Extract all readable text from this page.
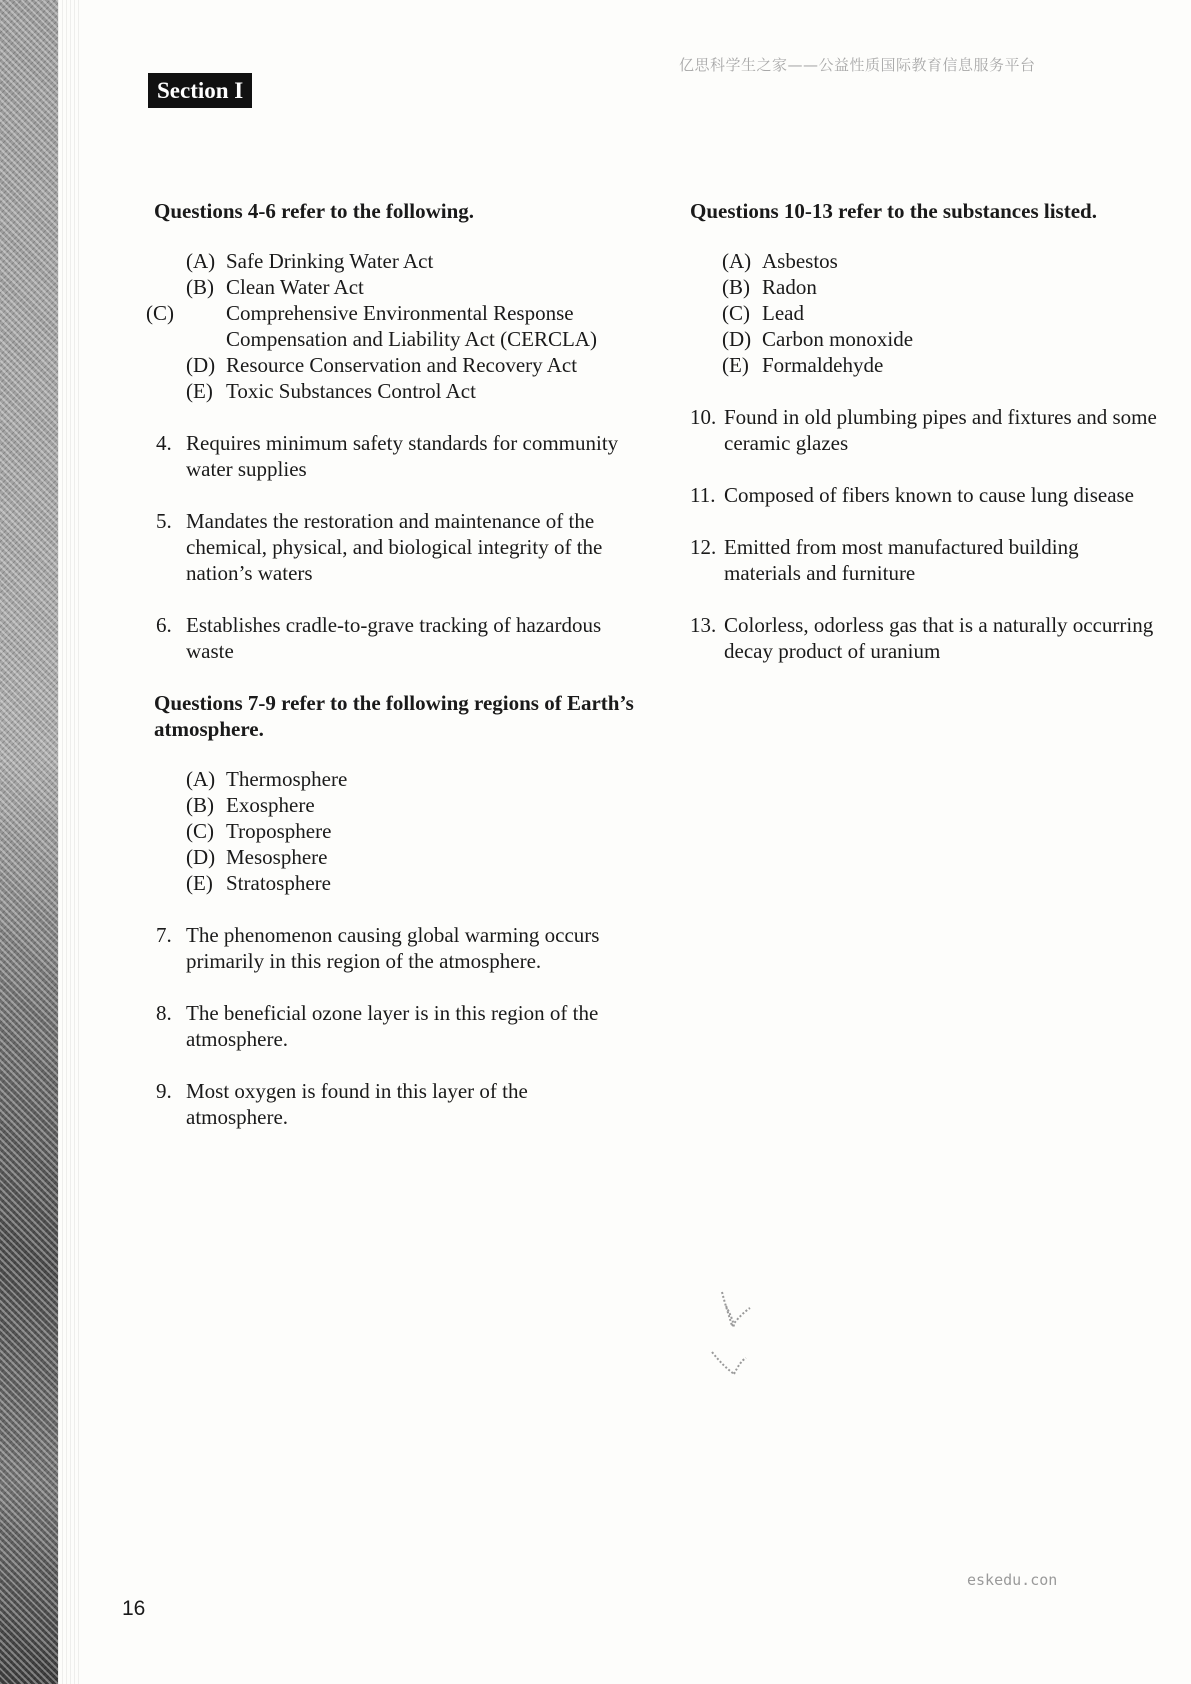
亿思科学生之家——公益性质国际教育信息服务平台
Section I

Questions 4-6 refer to the following.

(A) Safe Drinking Water Act
(B) Clean Water Act
(C) Comprehensive Environmental Response Compensation and Liability Act (CERCLA)
(D) Resource Conservation and Recovery Act
(E) Toxic Substances Control Act
4. Requires minimum safety standards for community water supplies
5. Mandates the restoration and maintenance of the chemical, physical, and biological integrity of the nation’s waters
6. Establishes cradle-to-grave tracking of hazardous waste

Questions 7-9 refer to the following regions of Earth’s atmosphere.

(A) Thermosphere
(B) Exosphere
(C) Troposphere
(D) Mesosphere
(E) Stratosphere
7. The phenomenon causing global warming occurs primarily in this region of the atmosphere.
8. The beneficial ozone layer is in this region of the atmosphere.
9. Most oxygen is found in this layer of the atmosphere.

Questions 10-13 refer to the substances listed.

(A) Asbestos
(B) Radon
(C) Lead
(D) Carbon monoxide
(E) Formaldehyde
10. Found in old plumbing pipes and fixtures and some ceramic glazes
11. Composed of fibers known to cause lung disease
12. Emitted from most manufactured building materials and furniture
13. Colorless, odorless gas that is a naturally occurring decay product of uranium
eskedu.con
16
